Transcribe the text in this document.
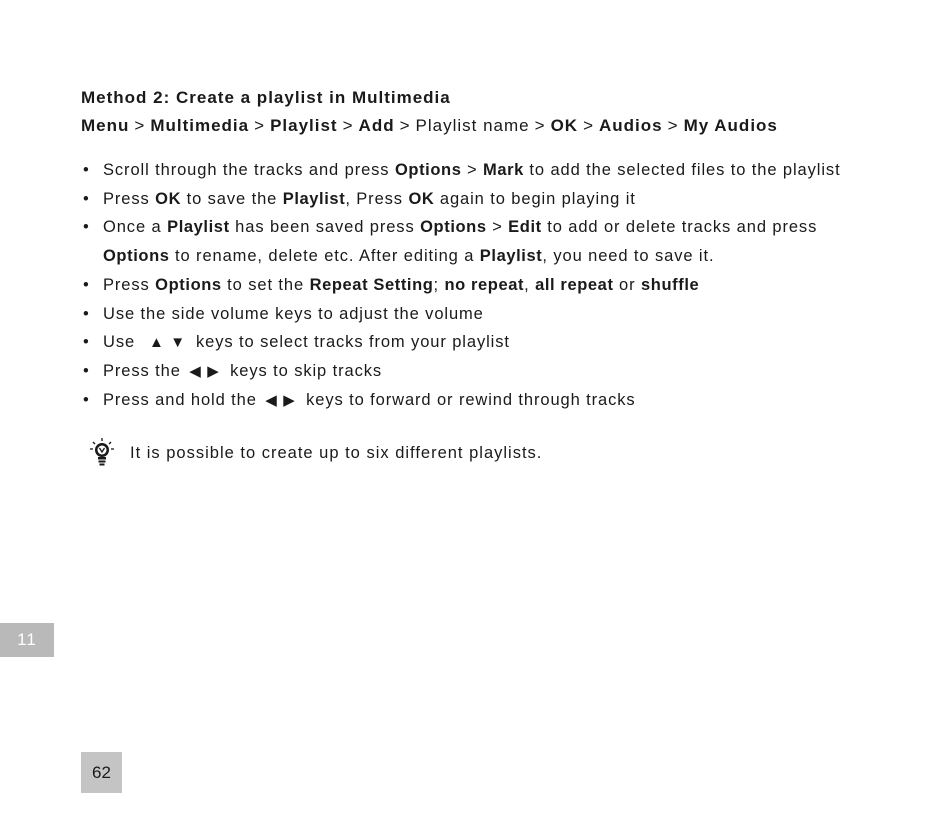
Method 2: Create a playlist in Multimedia
Menu > Multimedia > Playlist > Add > Playlist name > OK > Audios > My Audios
• Scroll through the tracks and press Options > Mark to add the selected files to the playlist
• Press OK to save the Playlist, Press OK again to begin playing it
• Once a Playlist has been saved press Options > Edit to add or delete tracks and press Options to rename, delete etc. After editing a Playlist, you need to save it.
• Press Options to set the Repeat Setting; no repeat, all repeat or shuffle
• Use the side volume keys to adjust the volume
• Use ▲ ▼ keys to select tracks from your playlist
• Press the ◀ ▶ keys to skip tracks
• Press and hold the ◀ ▶ keys to forward or rewind through tracks
It is possible to create up to six different playlists.
11
62
